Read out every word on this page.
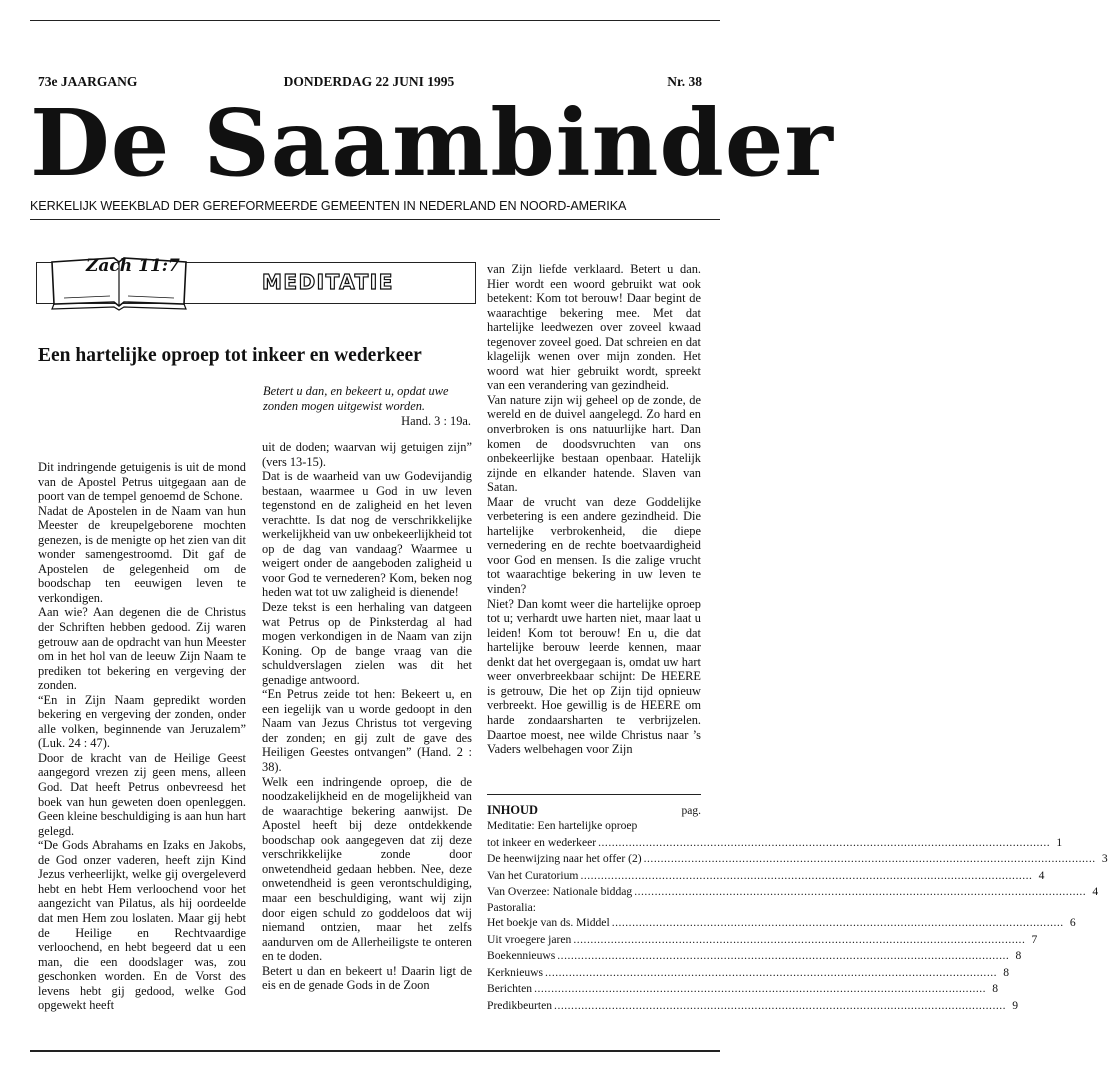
73e JAARGANG	DONDERDAG 22 JUNI 1995	Nr. 38
De Saambinder
KERKELIJK WEEKBLAD DER GEREFORMEERDE GEMEENTEN IN NEDERLAND EN NOORD-AMERIKA
Zach 11:7
MEDITATIE
Een hartelijke oproep tot inkeer en wederkeer
Betert u dan, en bekeert u, opdat uwe zonden mogen uitgewist worden.
Hand. 3 : 19a.

Dit indringende getuigenis is uit de mond van de Apostel Petrus uitgegaan aan de poort van de tempel genoemd de Schone.

Nadat de Apostelen in de Naam van hun Meester de kreupelgeborene mochten genezen, is de menigte op het zien van dit wonder samengestroomd. Dit gaf de Apostelen de gelegenheid om de boodschap ten eeuwigen leven te verkondigen.

Aan wie? Aan degenen die de Christus der Schriften hebben gedood. Zij waren getrouw aan de opdracht van hun Meester om in het hol van de leeuw Zijn Naam te prediken tot bekering en vergeving der zonden.

“En in Zijn Naam gepredikt worden bekering en vergeving der zonden, onder alle volken, beginnende van Jeruzalem” (Luk. 24 : 47).

Door de kracht van de Heilige Geest aangegord vrezen zij geen mens, alleen God. Dat heeft Petrus onbevreesd het boek van hun geweten doen openleggen. Geen kleine beschuldiging is aan hun hart gelegd.

“De Gods Abrahams en Izaks en Jakobs, de God onzer vaderen, heeft zijn Kind Jezus verheerlijkt, welke gij overgeleverd hebt en hebt Hem verloochend voor het aangezicht van Pilatus, als hij oordeelde dat men Hem zou loslaten. Maar gij hebt de Heilige en Rechtvaardige verloochend, en hebt begeerd dat u een man, die een doodslager was, zou geschonken worden. En de Vorst des levens hebt gij gedood, welke God opgewekt heeft

uit de doden; waarvan wij getuigen zijn” (vers 13-15).

Dat is de waarheid van uw Godevijandig bestaan, waarmee u God in uw leven tegenstond en de zaligheid en het leven verachtte. Is dat nog de verschrikkelijke werkelijkheid van uw onbekeerlijkheid tot op de dag van vandaag? Waarmee u weigert onder de aangeboden zaligheid u voor God te vernederen? Kom, beken nog heden wat tot uw zaligheid is dienende!

Deze tekst is een herhaling van datgeen wat Petrus op de Pinksterdag al had mogen verkondigen in de Naam van zijn Koning. Op de bange vraag van die schuldverslagen zielen was dit het genadige antwoord.

“En Petrus zeide tot hen: Bekeert u, en een iegelijk van u worde gedoopt in den Naam van Jezus Christus tot vergeving der zonden; en gij zult de gave des Heiligen Geestes ontvangen” (Hand. 2 : 38).

Welk een indringende oproep, die de noodzakelijkheid en de mogelijkheid van de waarachtige bekering aanwijst. De Apostel heeft bij deze ontdekkende boodschap ook aangegeven dat zij deze verschrikkelijke zonde door onwetendheid gedaan hebben. Nee, deze onwetendheid is geen verontschuldiging, maar een beschuldiging, want wij zijn door eigen schuld zo goddeloos dat wij niemand ontzien, maar het zelfs aandurven om de Allerheiligste te onteren en te doden.

Betert u dan en bekeert u! Daarin ligt de eis en de genade Gods in de Zoon

van Zijn liefde verklaard. Betert u dan. Hier wordt een woord gebruikt wat ook betekent: Kom tot berouw! Daar begint de waarachtige bekering mee. Met dat hartelijke leedwezen over zoveel kwaad tegenover zoveel goed. Dat schreien en dat klagelijk wenen over mijn zonden. Het woord wat hier gebruikt wordt, spreekt van een verandering van gezindheid.

Van nature zijn wij geheel op de zonde, de wereld en de duivel aangelegd. Zo hard en onverbroken is ons natuurlijke hart. Dan komen de doodsvruchten van ons onbekeerlijke bestaan openbaar. Hatelijk zijnde en elkander hatende. Slaven van Satan.

Maar de vrucht van deze Goddelijke verbetering is een andere gezindheid. Die hartelijke verbrokenheid, die diepe vernedering en de rechte boetvaardigheid voor God en mensen. Is die zalige vrucht tot waarachtige bekering in uw leven te vinden?

Niet? Dan komt weer die hartelijke oproep tot u; verhardt uwe harten niet, maar laat u leiden! Kom tot berouw! En u, die dat hartelijke berouw leerde kennen, maar denkt dat het overgegaan is, omdat uw hart weer onverbreekbaar schijnt: De HEERE is getrouw, Die het op Zijn tijd opnieuw verbreekt. Hoe gewillig is de HEERE om harde zondaarsharten te verbrijzelen. Daartoe moest, nee wilde Christus naar ’s Vaders welbehagen voor Zijn

INHOUD	pag.
Meditatie: Een hartelijke oproep
tot inkeer en wederkeer .....	1
De heenwijzing naar het offer (2) .....	3
Van het Curatorium .....	4
Van Overzee: Nationale biddag .....	4
Pastoralia:
Het boekje van ds. Middel .....	6
Uit vroegere jaren .....	7
Boekennieuws .....	8
Kerknieuws .....	8
Berichten .....	8
Predikbeurten .....	9
